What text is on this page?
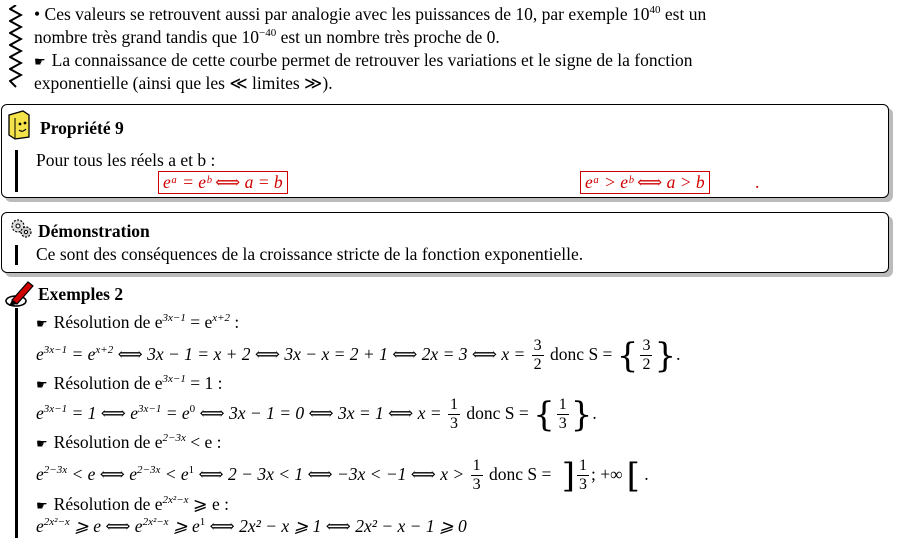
• Ces valeurs se retrouvent aussi par analogie avec les puissances de 10, par exemple $10^{40}$ est un
nombre très grand tandis que $10^{-40}$ est un nombre très proche de 0.
☛ La connaissance de cette courbe permet de retrouver les variations et le signe de la fonction
exponentielle (ainsi que les ≪ limites ≫).
Propriété 9
Pour tous les réels a et b :
eᵃ = eᵇ ⟺ a = b	eᵃ > eᵇ ⟺ a > b	.
Démonstration
Ce sont des conséquences de la croissance stricte de la fonction exponentielle.
Exemples 2
☛ Résolution de $e^{3x-1} = e^{x+2}$ :
$e^{3x-1} = e^{x+2}$ ⟺ 3x − 1 = x + 2 ⟺ 3x − x = 2 + 1 ⟺ 2x = 3 ⟺ $x = \frac{3}{2}$ donc S = { $\frac{3}{2}$ }.
☛ Résolution de $e^{3x-1} = 1$ :
$e^{3x-1} = 1$ ⟺ $e^{3x-1} = e^0$ ⟺ 3x − 1 = 0 ⟺ 3x = 1 ⟺ $x = \frac{1}{3}$ donc S = { $\frac{1}{3}$ }.
☛ Résolution de $e^{2-3x} < e$ :
$e^{2-3x} < e$ ⟺ $e^{2-3x} < e^1$ ⟺ 2 − 3x < 1 ⟺ −3x < −1 ⟺ $x > \frac{1}{3}$ donc S = ] $\frac{1}{3}$ ; +∞ [ .
☛ Résolution de $e^{2x^2-x}$ ⩾ e :
$e^{2x^2-x}$ ⩾ e ⟺ $e^{2x^2-x}$ ⩾ $e^1$ ⟺ 2x² − x ⩾ 1 ⟺ 2x² − x − 1 ⩾ 0
